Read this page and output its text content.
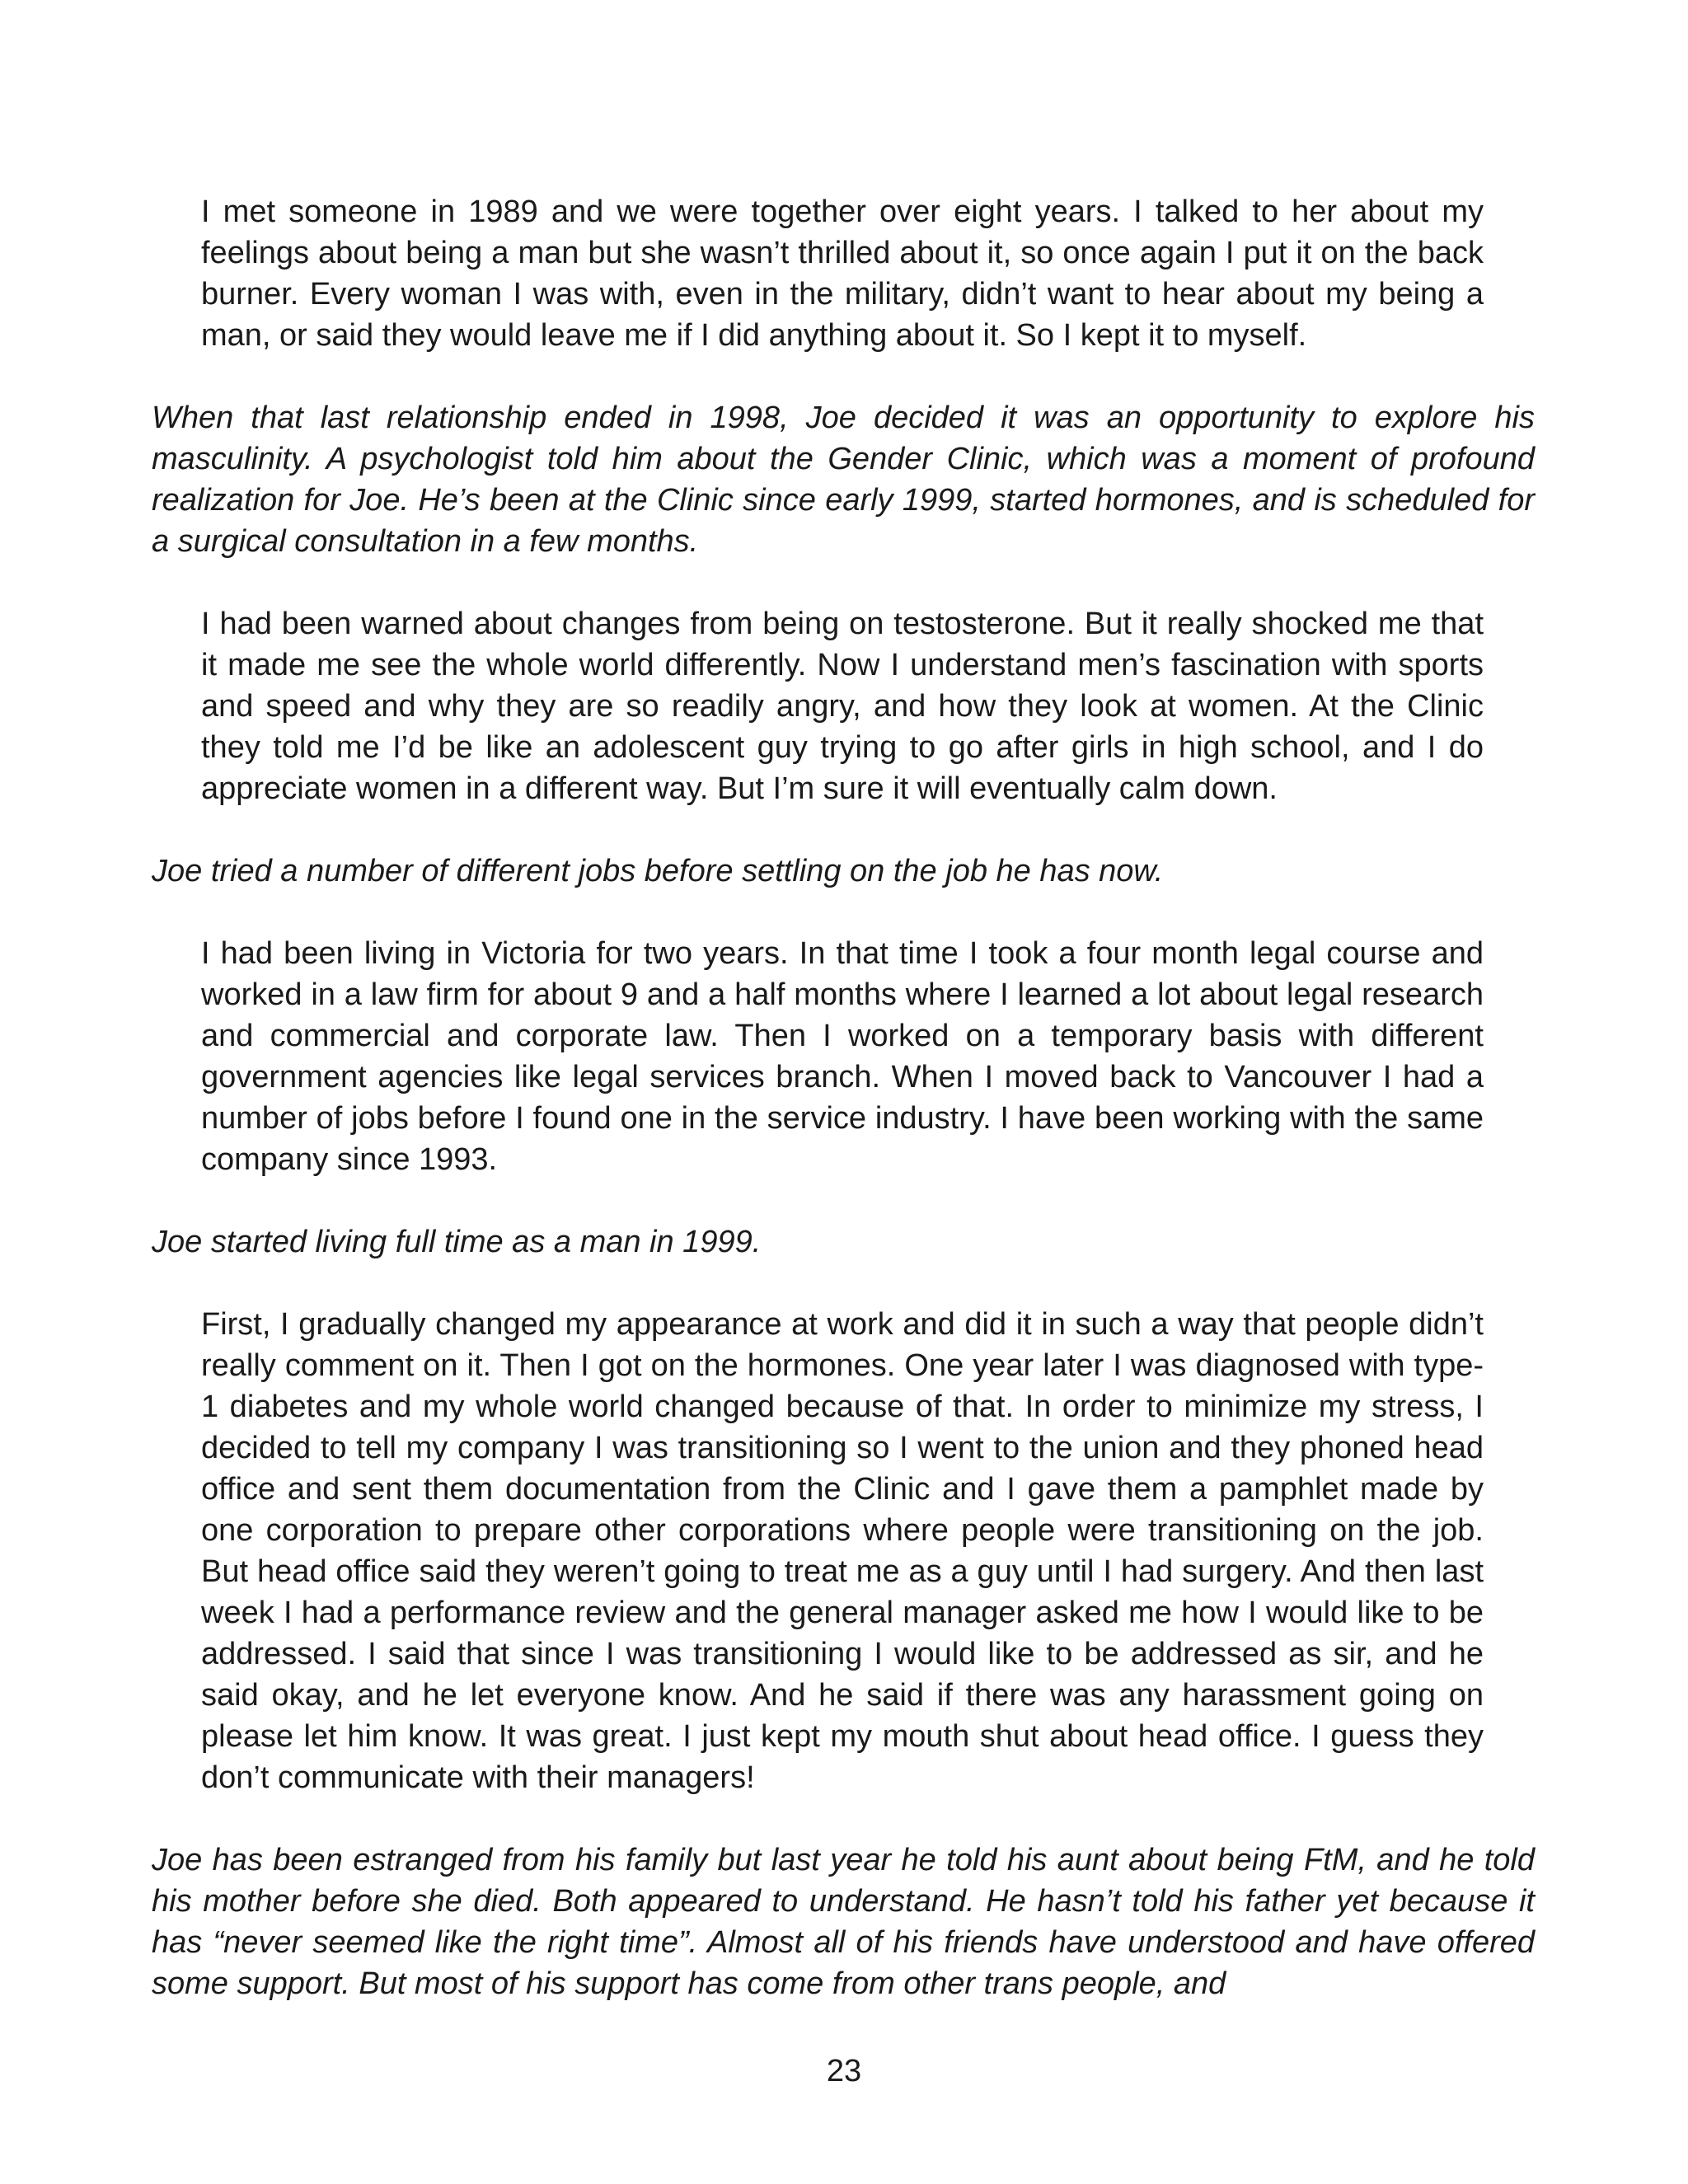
I met someone in 1989 and we were together over eight years. I talked to her about my feelings about being a man but she wasn’t thrilled about it, so once again I put it on the back burner. Every woman I was with, even in the military, didn’t want to hear about my being a man, or said they would leave me if I did anything about it. So I kept it to myself.

When that last relationship ended in 1998, Joe decided it was an opportunity to explore his masculinity. A psychologist told him about the Gender Clinic, which was a moment of profound realization for Joe. He’s been at the Clinic since early 1999, started hormones, and is scheduled for a surgical consultation in a few months.

I had been warned about changes from being on testosterone. But it really shocked me that it made me see the whole world differently. Now I understand men’s fascination with sports and speed and why they are so readily angry, and how they look at women. At the Clinic they told me I’d be like an adolescent guy trying to go after girls in high school, and I do appreciate women in a different way. But I’m sure it will eventually calm down.

Joe tried a number of different jobs before settling on the job he has now.

I had been living in Victoria for two years. In that time I took a four month legal course and worked in a law firm for about 9 and a half months where I learned a lot about legal research and commercial and corporate law. Then I worked on a temporary basis with different government agencies like legal services branch. When I moved back to Vancouver I had a number of jobs before I found one in the service industry. I have been working with the same company since 1993.

Joe started living full time as a man in 1999.

First, I gradually changed my appearance at work and did it in such a way that people didn’t really comment on it. Then I got on the hormones. One year later I was diagnosed with type-1 diabetes and my whole world changed because of that. In order to minimize my stress, I decided to tell my company I was transitioning so I went to the union and they phoned head office and sent them documentation from the Clinic and I gave them a pamphlet made by one corporation to prepare other corporations where people were transitioning on the job. But head office said they weren’t going to treat me as a guy until I had surgery. And then last week I had a performance review and the general manager asked me how I would like to be addressed. I said that since I was transitioning I would like to be addressed as sir, and he said okay, and he let everyone know. And he said if there was any harassment going on please let him know. It was great. I just kept my mouth shut about head office. I guess they don’t communicate with their managers!

Joe has been estranged from his family but last year he told his aunt about being FtM, and he told his mother before she died. Both appeared to understand. He hasn’t told his father yet because it has “never seemed like the right time”. Almost all of his friends have understood and have offered some support. But most of his support has come from other trans people, and

23
